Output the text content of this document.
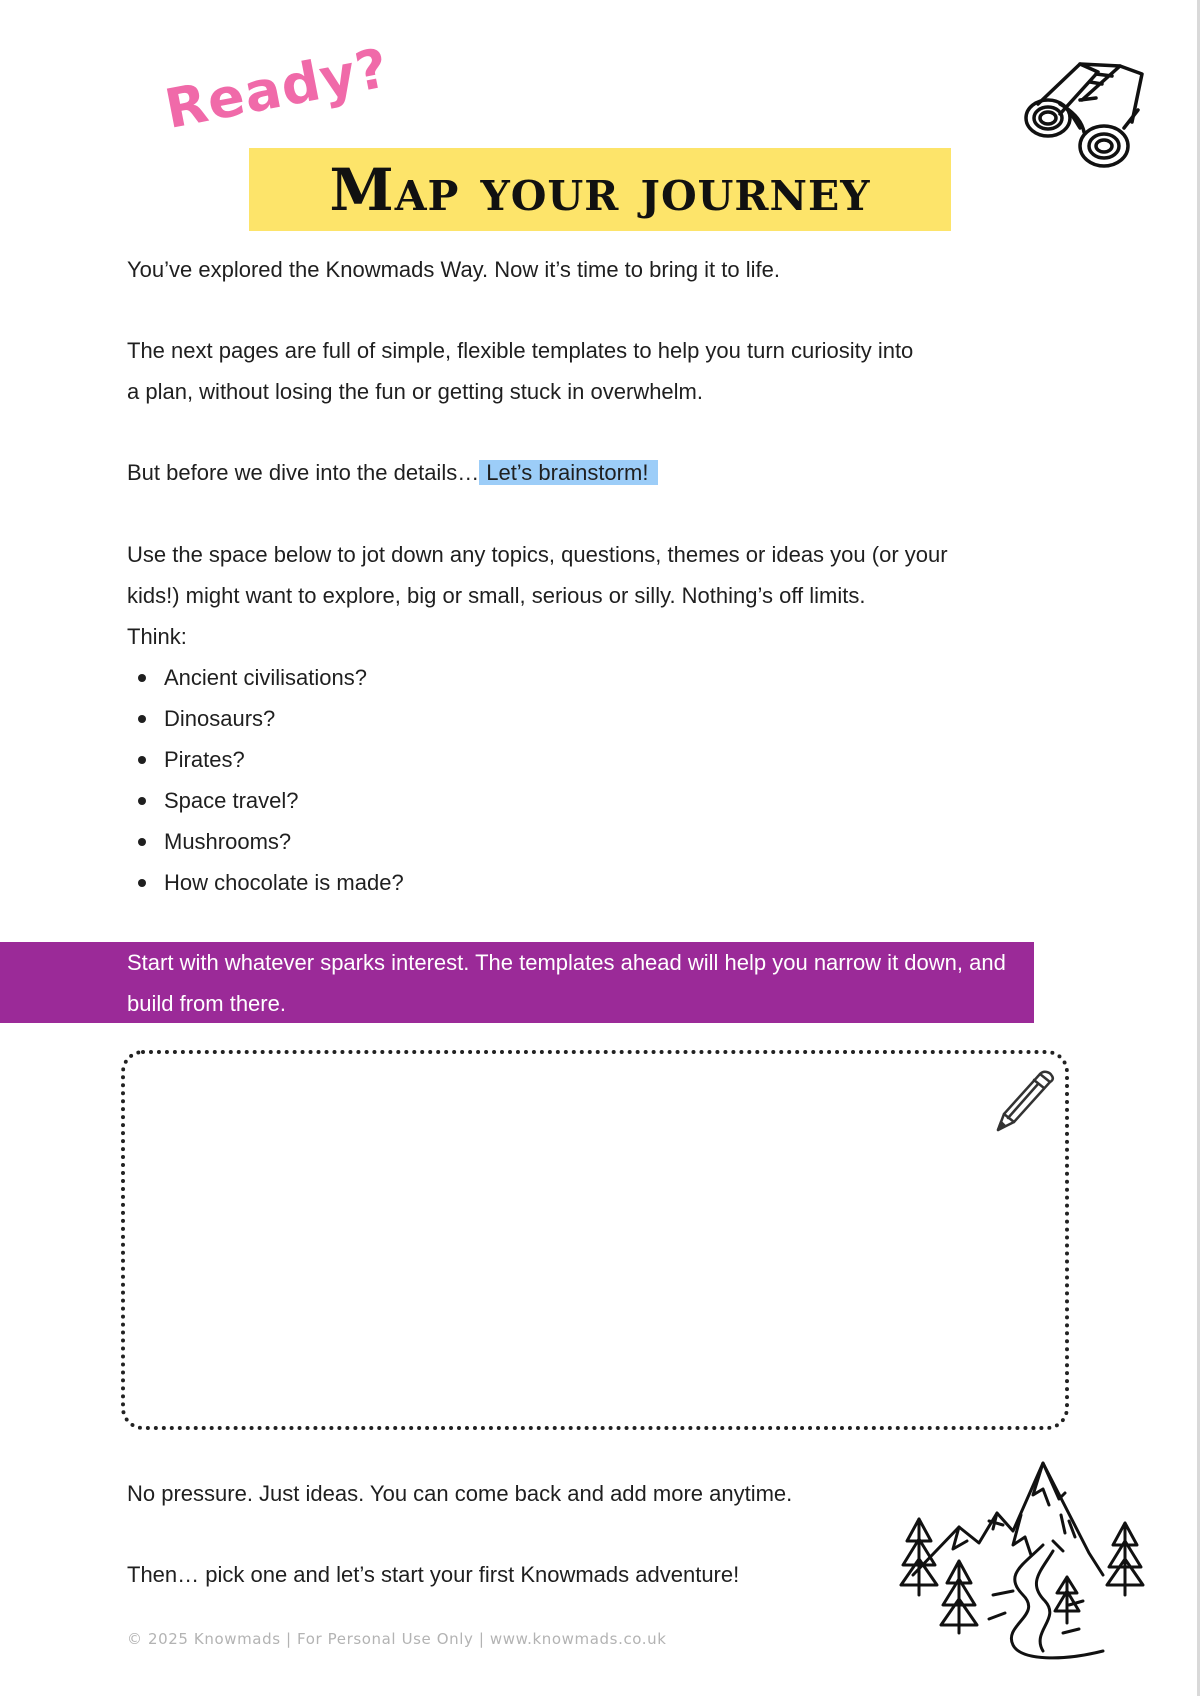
Ready?
Map your journey
You’ve explored the Knowmads Way. Now it’s time to bring it to life.
The next pages are full of simple, flexible templates to help you turn curiosity into
a plan, without losing the fun or getting stuck in overwhelm.
But before we dive into the details… Let’s brainstorm!
Use the space below to jot down any topics, questions, themes or ideas you (or your
kids!) might want to explore, big or small, serious or silly. Nothing’s off limits.
Think:
Ancient civilisations?
Dinosaurs?
Pirates?
Space travel?
Mushrooms?
How chocolate is made?
Start with whatever sparks interest. The templates ahead will help you narrow it down, and build from there.
No pressure. Just ideas. You can come back and add more anytime.
Then… pick one and let’s start your first Knowmads adventure!
© 2025 Knowmads | For Personal Use Only | www.knowmads.co.uk
